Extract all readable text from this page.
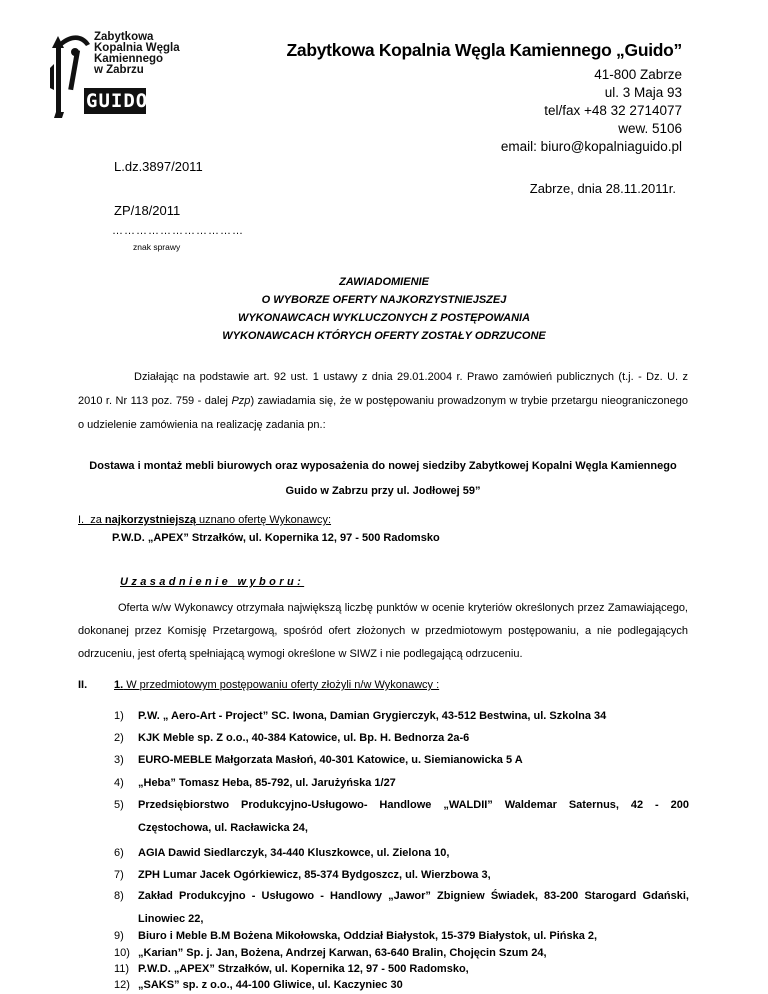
Zabytkowa
Kopalnia Węgla
Kamiennego
w Zabrzu
GUIDO
Zabytkowa Kopalnia Węgla Kamiennego „Guido”
41-800 Zabrze
ul. 3 Maja 93
tel/fax +48 32 2714077
wew. 5106
email: biuro@kopalniaguido.pl
L.dz.3897/2011
Zabrze, dnia 28.11.2011r.
ZP/18/2011
……………………………
znak sprawy
ZAWIADOMIENIE
O WYBORZE OFERTY NAJKORZYSTNIEJSZEJ
WYKONAWCACH WYKLUCZONYCH Z POSTĘPOWANIA
WYKONAWCACH KTÓRYCH OFERTY ZOSTAŁY ODRZUCONE
Działając na podstawie art. 92 ust. 1 ustawy z dnia 29.01.2004 r. Prawo zamówień publicznych (t.j. - Dz. U. z 2010 r. Nr 113 poz. 759 - dalej Pzp) zawiadamia się, że w postępowaniu prowadzonym w trybie przetargu nieograniczonego o udzielenie zamówienia na realizację zadania pn.:
Dostawa i montaż mebli biurowych oraz wyposażenia do nowej siedziby Zabytkowej Kopalni Węgla Kamiennego Guido w Zabrzu przy ul. Jodłowej 59”
I.  za najkorzystniejszą uznano ofertę Wykonawcy:
P.W.D. „APEX” Strzałków, ul. Kopernika 12, 97 - 500 Radomsko
Uzasadnienie wyboru:
Oferta w/w Wykonawcy otrzymała największą liczbę punktów w ocenie kryteriów określonych przez Zamawiającego, dokonanej przez Komisję Przetargową, spośród ofert złożonych w przedmiotowym postępowaniu, a nie podlegających odrzuceniu, jest ofertą spełniającą wymogi określone w SIWZ i nie podlegającą odrzuceniu.
II. 1. W przedmiotowym postępowaniu oferty złożyli n/w Wykonawcy :
1) P.W. „ Aero-Art - Project” SC. Iwona, Damian Grygierczyk, 43-512 Bestwina, ul. Szkolna 34
2) KJK Meble sp. Z o.o., 40-384 Katowice, ul. Bp. H. Bednorza 2a-6
3) EURO-MEBLE Małgorzata Masłoń, 40-301 Katowice, u. Siemianowicka 5 A
4) „Heba” Tomasz Heba, 85-792, ul. Jarużyńska 1/27
5) Przedsiębiorstwo Produkcyjno-Usługowo- Handlowe „WALDII” Waldemar Saternus, 42 - 200 Częstochowa, ul. Racławicka 24,
6) AGIA Dawid Siedlarczyk, 34-440 Kluszkowce, ul. Zielona 10,
7) ZPH Lumar Jacek Ogórkiewicz, 85-374 Bydgoszcz, ul. Wierzbowa 3,
8) Zakład Produkcyjno - Usługowo - Handlowy „Jawor” Zbigniew Świadek, 83-200 Starogard Gdański, Linowiec 22,
9) Biuro i Meble B.M Bożena Mikołowska, Oddział Białystok, 15-379 Białystok, ul. Pińska 2,
10) „Karian” Sp. j. Jan, Bożena, Andrzej Karwan, 63-640 Bralin, Chojęcin Szum 24,
11) P.W.D. „APEX” Strzałków, ul. Kopernika 12, 97 - 500 Radomsko,
12) „SAKS” sp. z o.o., 44-100 Gliwice, ul. Kaczyniec 30
